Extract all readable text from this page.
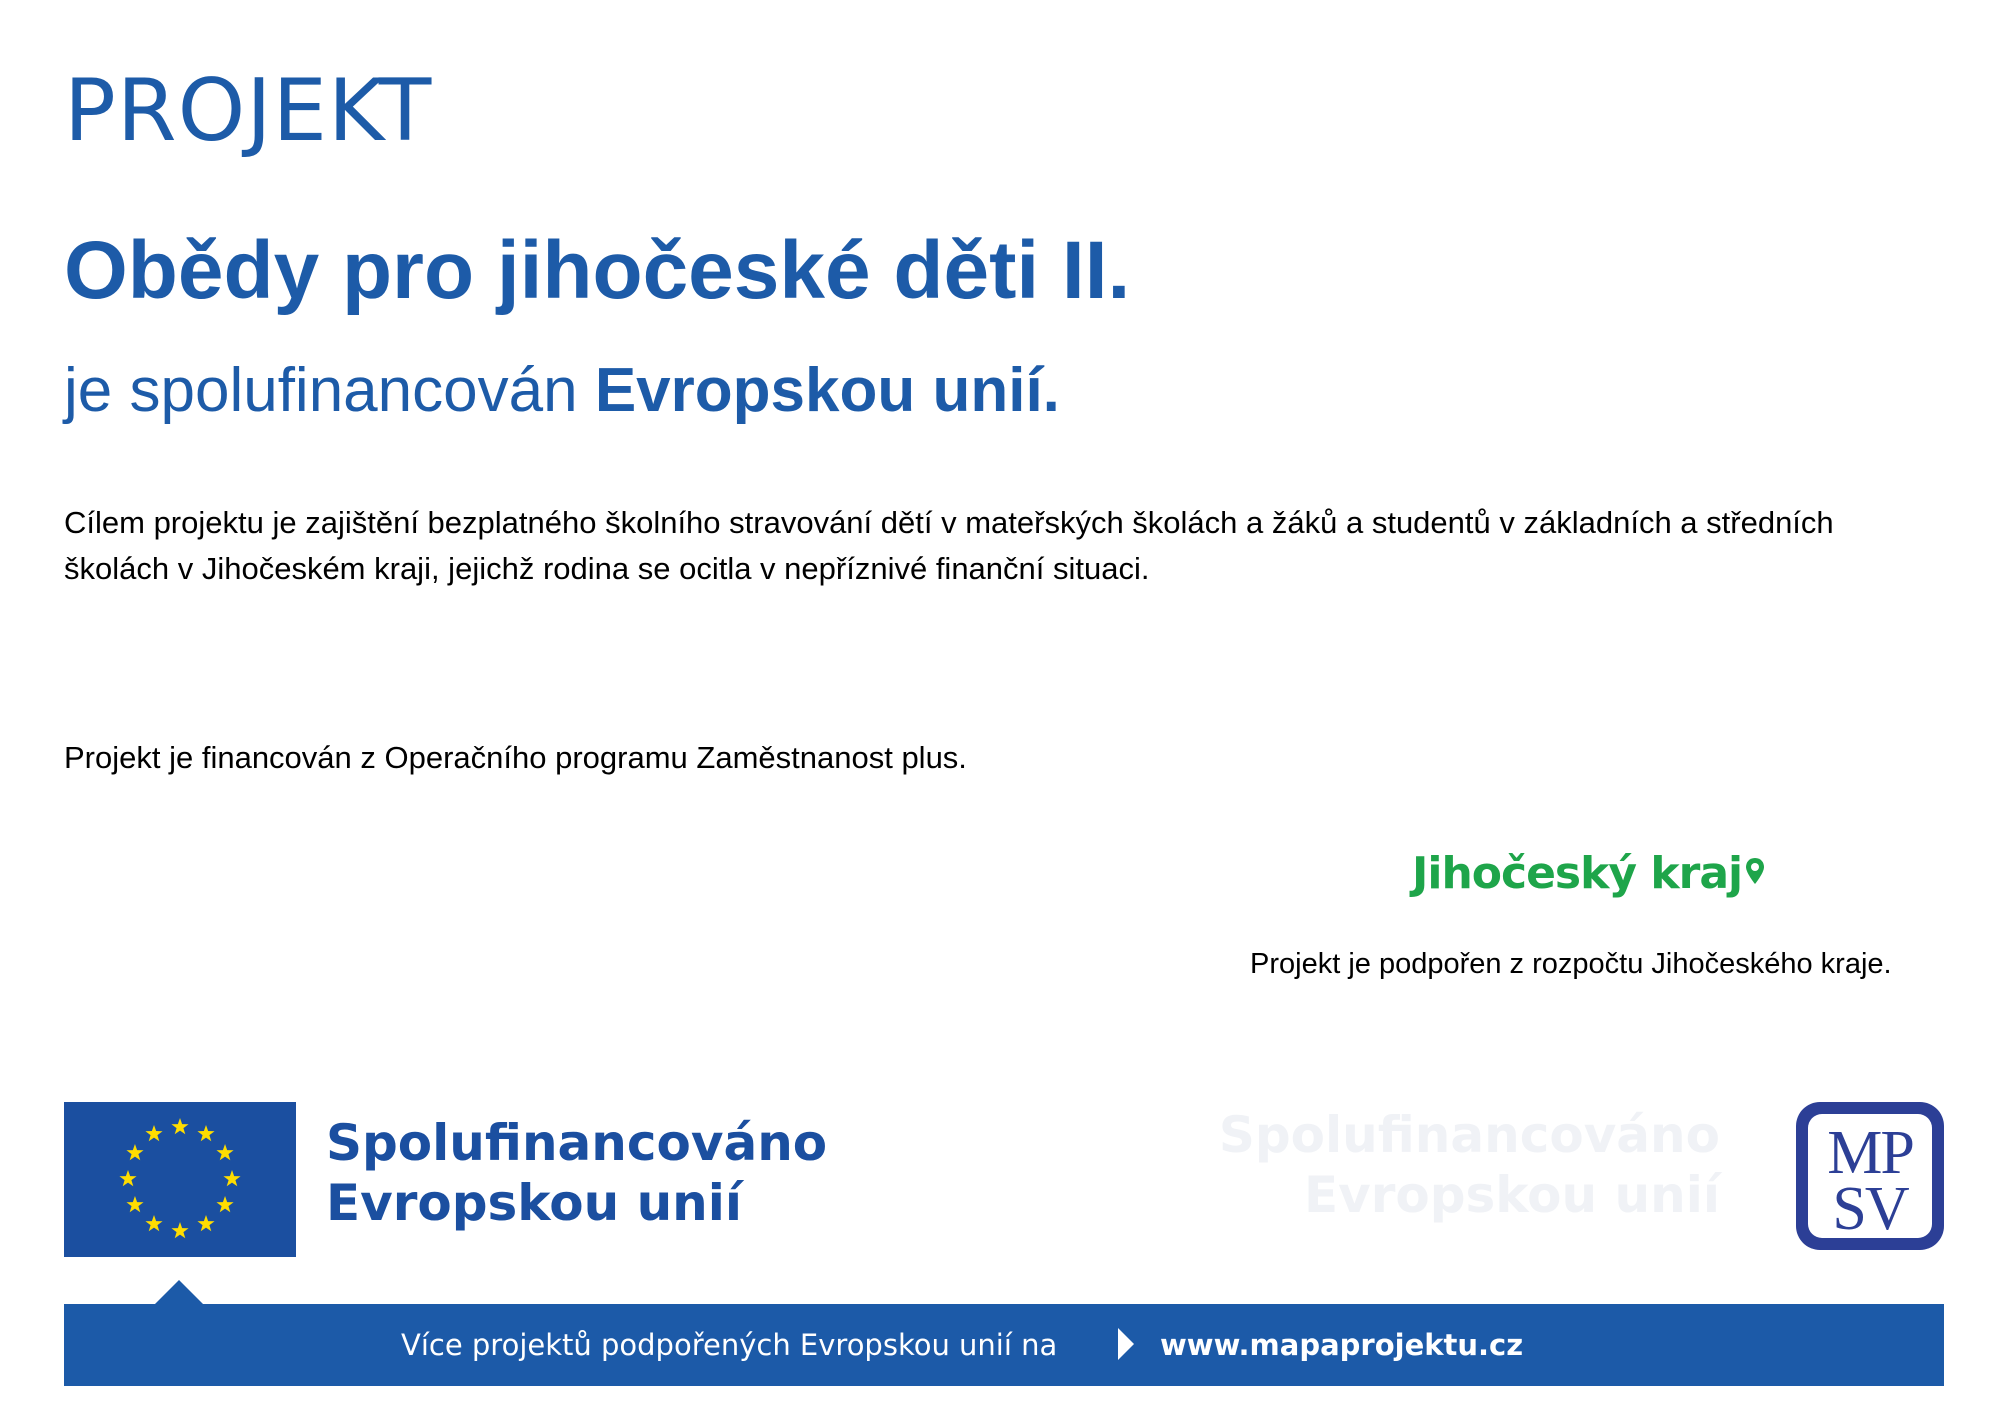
PROJEKT
Obědy pro jihočeské děti II.
je spolufinancován Evropskou unií.
Cílem projektu je zajištění bezplatného školního stravování dětí v mateřských školách a žáků a studentů v základních a středních školách v Jihočeském kraji, jejichž rodina se ocitla v nepříznivé finanční situaci.
Projekt je financován z Operačního programu Zaměstnanost plus.
Jihočeský kraj
Projekt je podpořen z rozpočtu Jihočeského kraje.
Spolufinancováno
Evropskou unií
Spolufinancováno
Evropskou unií
MP
SV
Více projektů podpořených Evropskou unií na	www.mapaprojektu.cz
